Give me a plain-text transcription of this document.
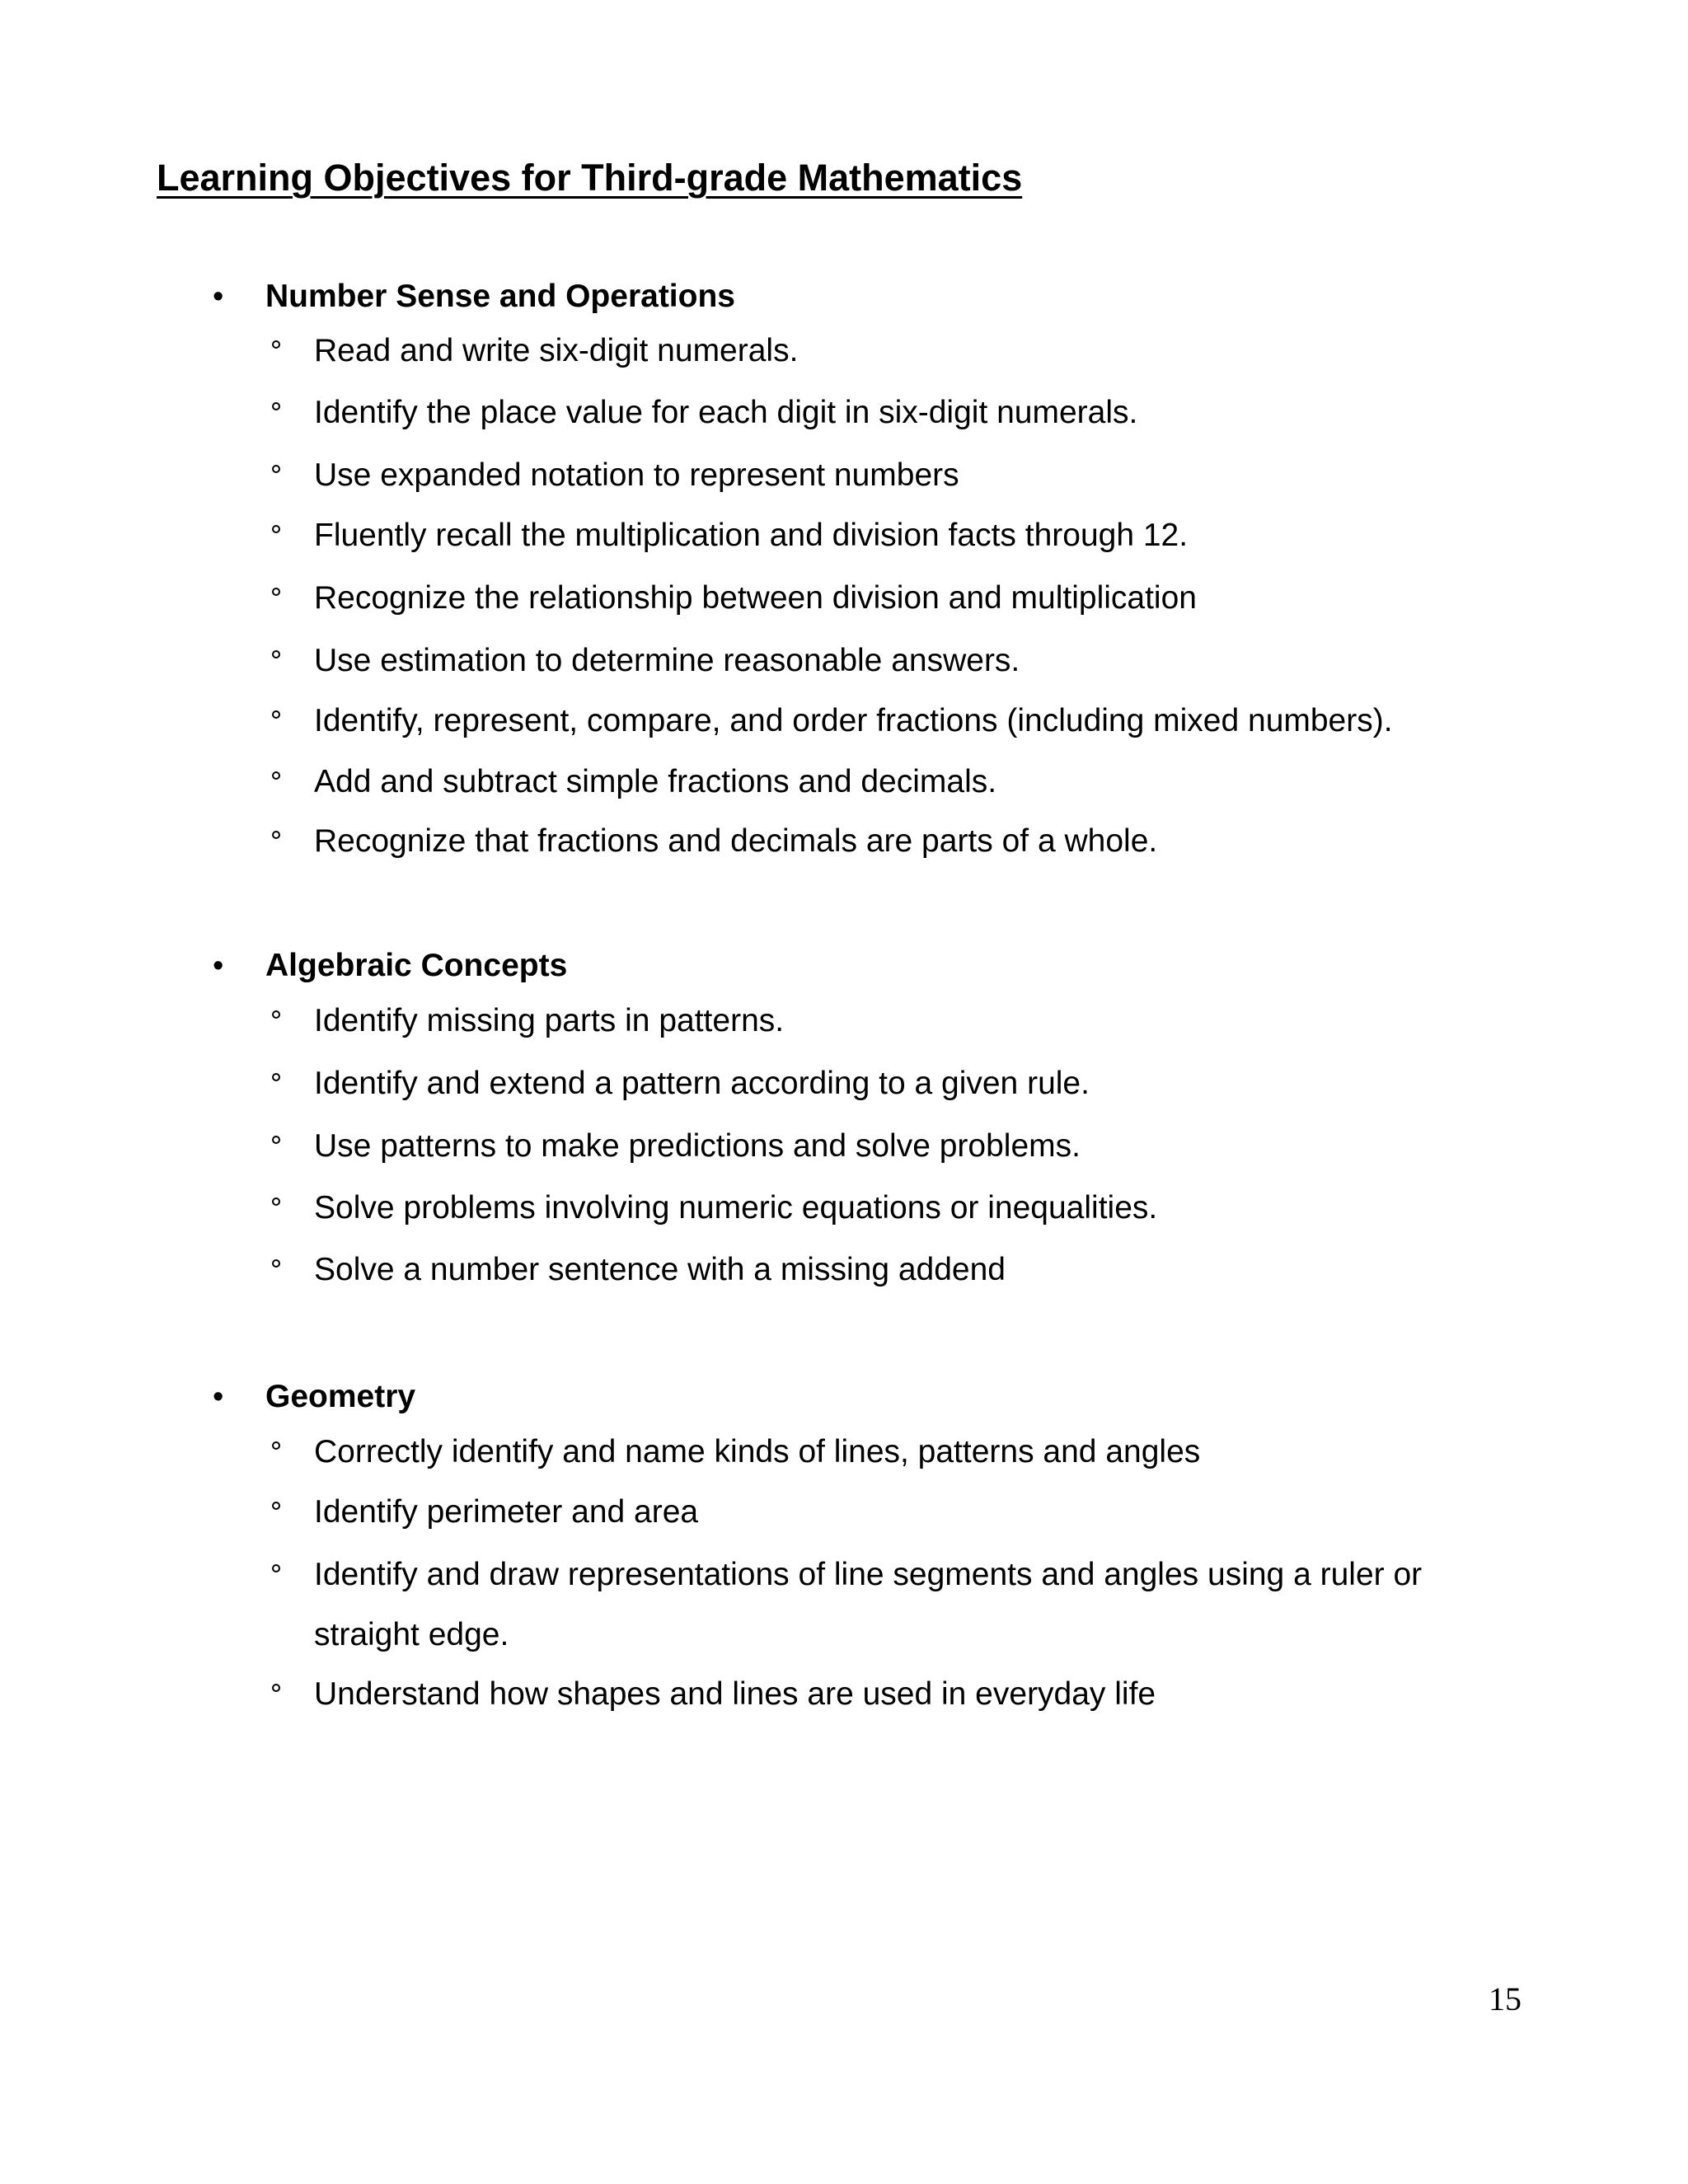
Learning Objectives for Third-grade Mathematics
•	Number Sense and Operations
Read and write six-digit numerals.
Identify the place value for each digit in six-digit numerals.
Use expanded notation to represent numbers
Fluently recall the multiplication and division facts through 12.
Recognize the relationship between division and multiplication
Use estimation to determine reasonable answers.
Identify, represent, compare, and order fractions (including mixed numbers).
Add and subtract simple fractions and decimals.
Recognize that fractions and decimals are parts of a whole.
•	Algebraic Concepts
Identify missing parts in patterns.
Identify and extend a pattern according to a given rule.
Use patterns to make predictions and solve problems.
Solve problems involving numeric equations or inequalities.
Solve a number sentence with a missing addend
•	Geometry
Correctly identify and name kinds of lines, patterns and angles
Identify perimeter and area
Identify and draw representations of line segments and angles using a ruler or straight edge.
Understand how shapes and lines are used in everyday life
15
